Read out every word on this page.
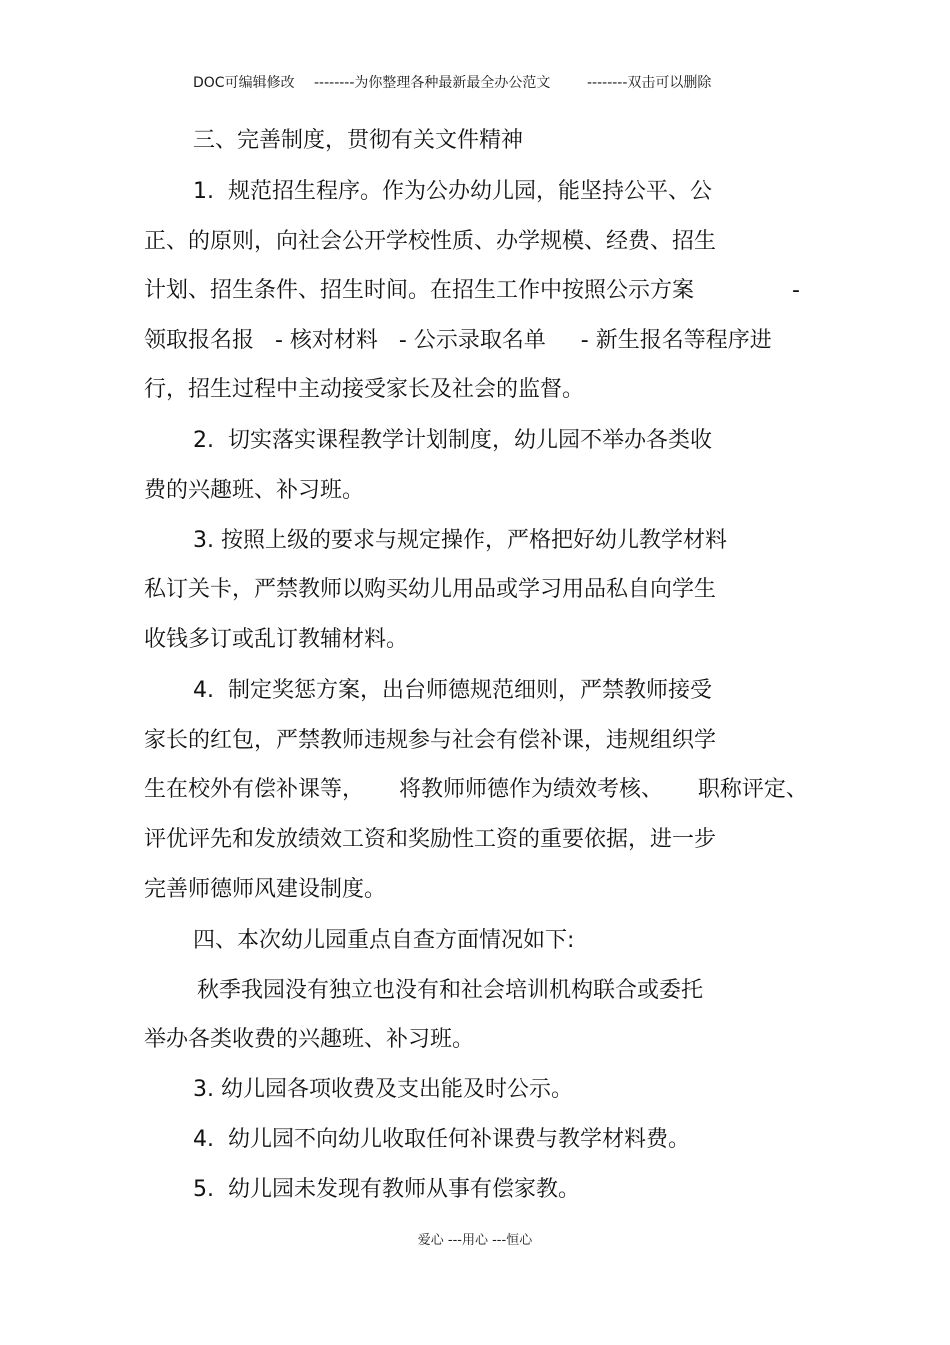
DOC可编辑修改

--------为你整理各种最新最全办公范文

	--------双击可以删除

三、完善制度，贯彻有关文件精神
1.  规范招生程序。作为公办幼儿园，能坚持公平、公
正、的原则，向社会公开学校性质、办学规模、经费、招生
计划、招生条件、招生时间。在招生工作中按照公示方案	-
领取报名报   - 核对材料   - 公示录取名单     - 新生报名等程序进
行，招生过程中主动接受家长及社会的监督。
2.  切实落实课程教学计划制度，幼儿园不举办各类收
费的兴趣班、补习班。
3. 按照上级的要求与规定操作，严格把好幼儿教学材料
私订关卡，严禁教师以购买幼儿用品或学习用品私自向学生
收钱多订或乱订教辅材料。
4.  制定奖惩方案，出台师德规范细则，严禁教师接受
家长的红包，严禁教师违规参与社会有偿补课，违规组织学
生在校外有偿补课等，     将教师师德作为绩效考核、     职称评定、
评优评先和发放绩效工资和奖励性工资的重要依据，进一步
完善师德师风建设制度。
四、本次幼儿园重点自查方面情况如下:
秋季我园没有独立也没有和社会培训机构联合或委托
举办各类收费的兴趣班、补习班。
3. 幼儿园各项收费及支出能及时公示。
4.  幼儿园不向幼儿收取任何补课费与教学材料费。
5.  幼儿园未发现有教师从事有偿家教。
爱心 ---用心 ---恒心
